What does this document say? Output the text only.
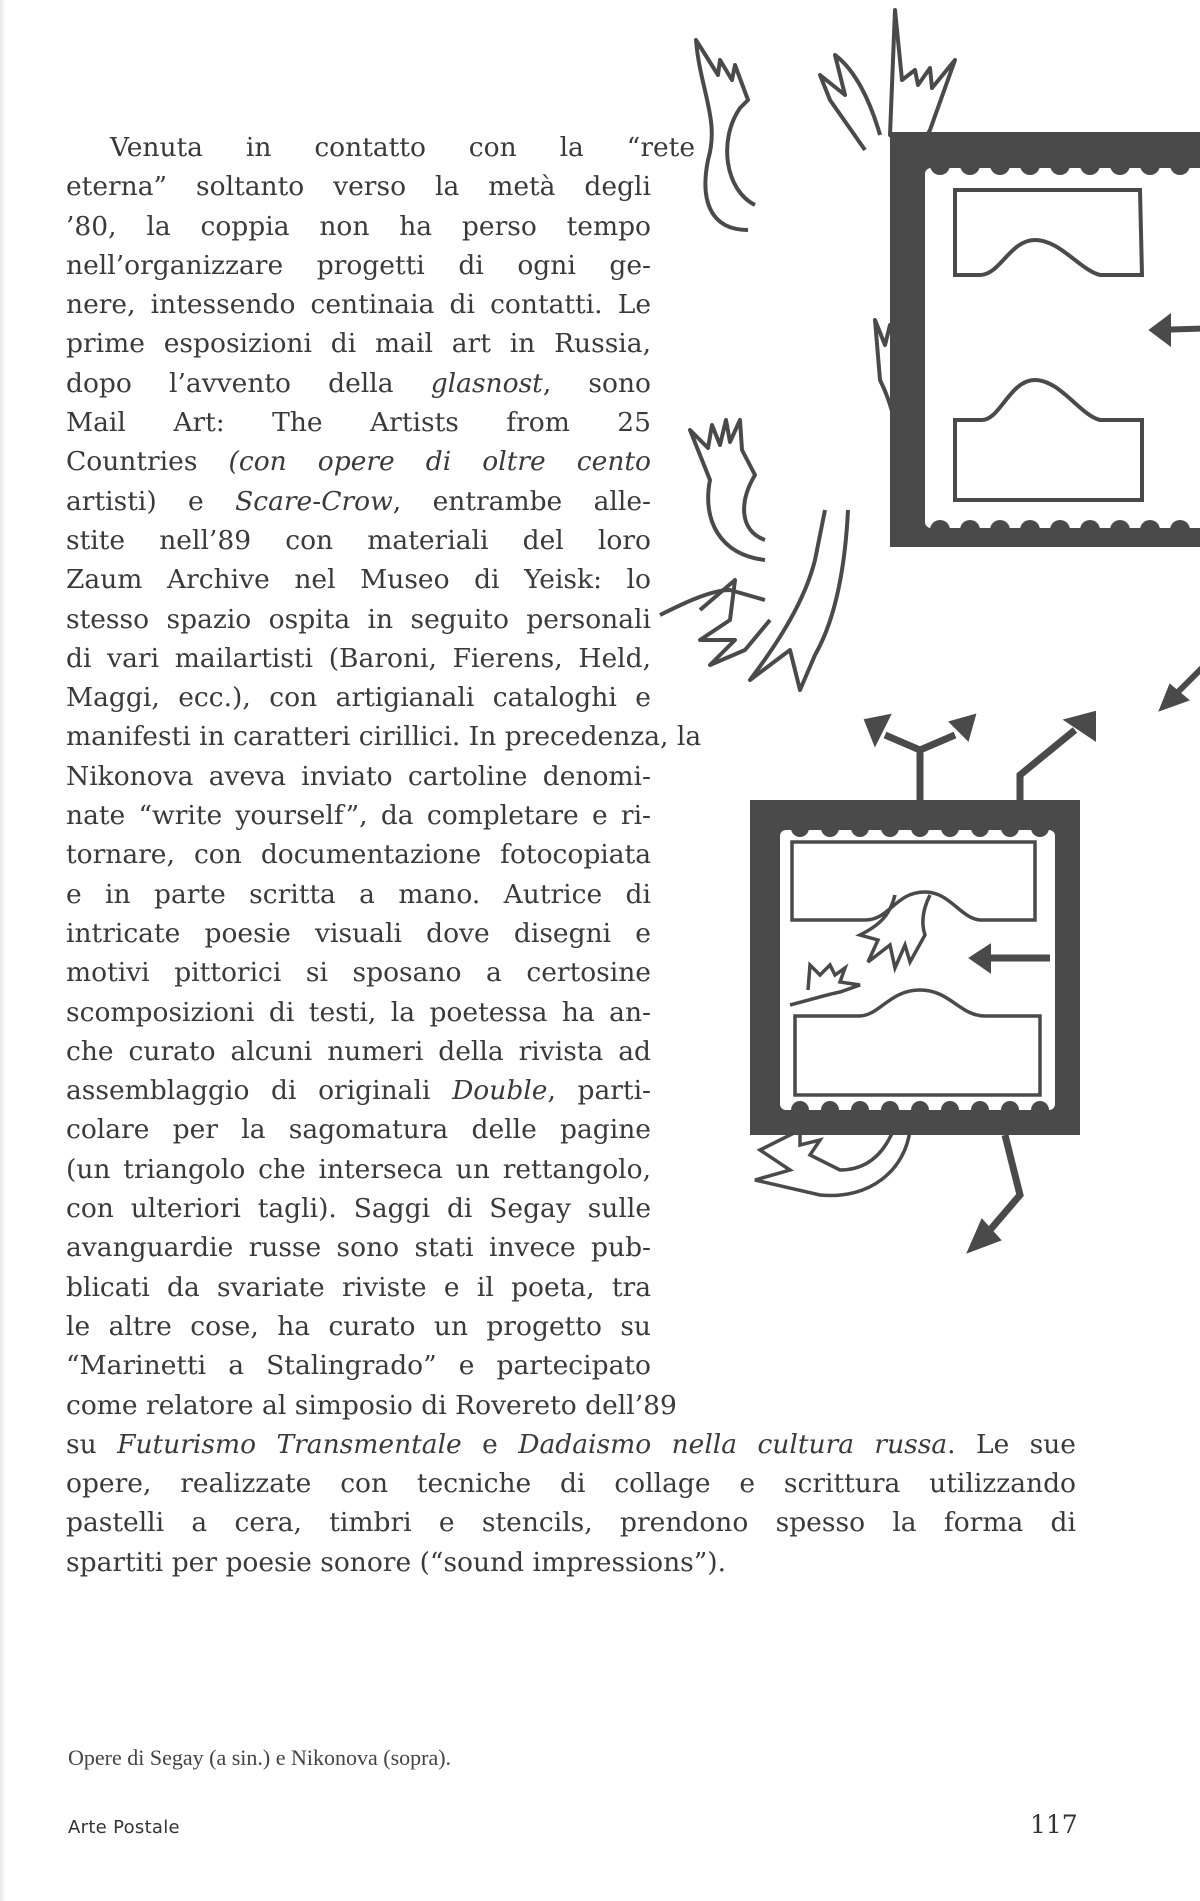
Venuta in contatto con la “rete
eterna” soltanto verso la metà degli
’80, la coppia non ha perso tempo
nell’organizzare progetti di ogni ge-
nere, intessendo centinaia di contatti. Le
prime esposizioni di mail art in Russia,
dopo l’avvento della glasnost, sono
Mail Art: The Artists from 25
Countries (con opere di oltre cento
artisti) e Scare-Crow, entrambe alle-
stite nell’89 con materiali del loro
Zaum Archive nel Museo di Yeisk: lo
stesso spazio ospita in seguito personali
di vari mailartisti (Baroni, Fierens, Held,
Maggi, ecc.), con artigianali cataloghi e
manifesti in caratteri cirillici. In precedenza, la
Nikonova aveva inviato cartoline denomi-
nate “write yourself”, da completare e ri-
tornare, con documentazione fotocopiata
e in parte scritta a mano. Autrice di
intricate poesie visuali dove disegni e
motivi pittorici si sposano a certosine
scomposizioni di testi, la poetessa ha an-
che curato alcuni numeri della rivista ad
assemblaggio di originali Double, parti-
colare per la sagomatura delle pagine
(un triangolo che interseca un rettangolo,
con ulteriori tagli). Saggi di Segay sulle
avanguardie russe sono stati invece pub-
blicati da svariate riviste e il poeta, tra
le altre cose, ha curato un progetto su
“Marinetti a Stalingrado” e partecipato
come relatore al simposio di Rovereto dell’89
su Futurismo Transmentale e Dadaismo nella cultura russa. Le sue
opere, realizzate con tecniche di collage e scrittura utilizzando
pastelli a cera, timbri e stencils, prendono spesso la forma di
spartiti per poesie sonore (“sound impressions”).
Opere di Segay (a sin.) e Nikonova (sopra).
Arte Postale	117
